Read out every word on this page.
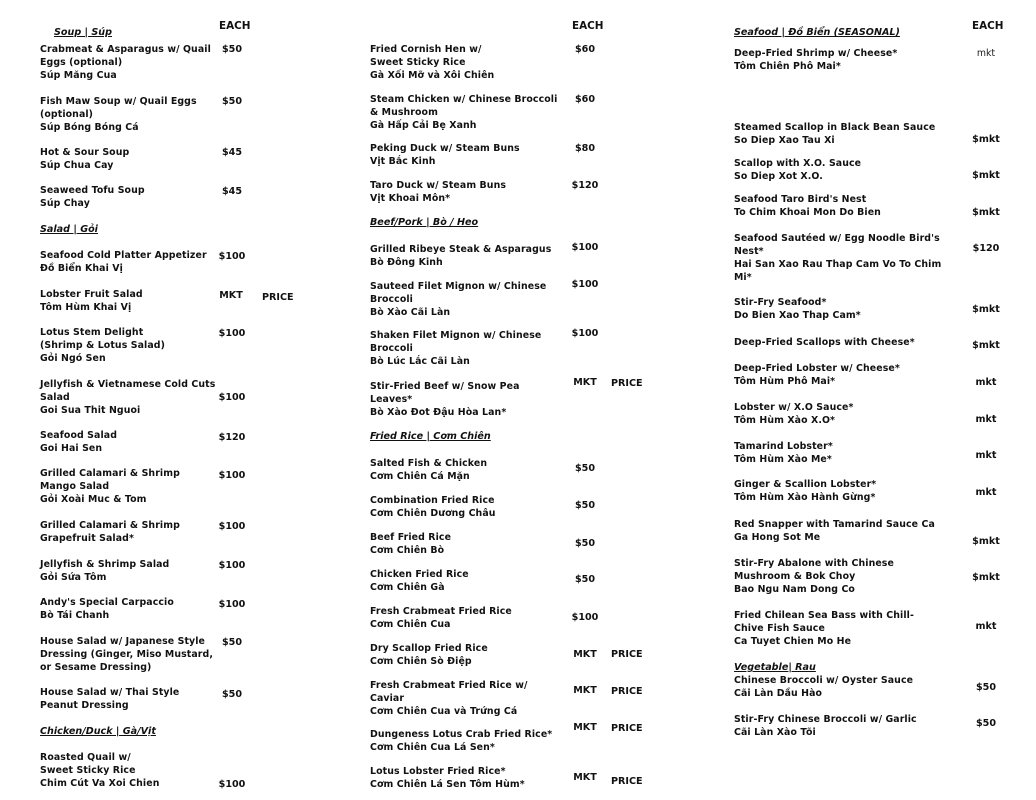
EACH	EACH	EACH
Soup | Súp
Crabmeat & Asparagus w/ Quail
Eggs (optional)
Súp Măng Cua
$50
Fish Maw Soup w/ Quail Eggs
(optional)
Súp Bóng Bóng Cá
$50
Hot & Sour Soup
Súp Chua Cay
$45
Seaweed Tofu Soup
Súp Chay
$45
Salad | Gỏi
Seafood Cold Platter Appetizer
Đồ Biển Khai Vị
$100
Lobster Fruit Salad
Tôm Hùm Khai Vị
MKT	PRICE
Lotus Stem Delight
(Shrimp & Lotus Salad)
Gỏi Ngó Sen
$100
Jellyfish & Vietnamese Cold Cuts
Salad
Goi Sua Thit Nguoi
$100
Seafood Salad
Goi Hai Sen
$120
Grilled Calamari & Shrimp
Mango Salad
Gỏi Xoài Muc & Tom
$100
Grilled Calamari & Shrimp
Grapefruit Salad*
$100
Jellyfish & Shrimp Salad
Gỏi Sứa Tôm
$100
Andy's Special Carpaccio
Bò Tái Chanh
$100
House Salad w/ Japanese Style
Dressing (Ginger, Miso Mustard,
or Sesame Dressing)
$50
House Salad w/ Thai Style
Peanut Dressing
$50
Chicken/Duck | Gà/Vịt
Roasted Quail w/
Sweet Sticky Rice
Chim Cút Va Xoi Chien	$100
Fried Cornish Hen w/
Sweet Sticky Rice
Gà Xối Mỡ và Xôi Chiên
$60
Steam Chicken w/ Chinese Broccoli
& Mushroom
Gà Hấp Cải Bẹ Xanh
$60
Peking Duck w/ Steam Buns
Vịt Bắc Kinh
$80
Taro Duck w/ Steam Buns
Vịt Khoai Môn*
$120
Beef/Pork | Bò / Heo
Grilled Ribeye Steak & Asparagus
Bò Đông Kinh
$100
Sauteed Filet Mignon w/ Chinese
Broccoli
Bò Xào Cãi Làn
$100
Shaken Filet Mignon w/ Chinese
Broccoli
Bò Lúc Lắc Cãi Làn
$100
Stir-Fried Beef w/ Snow Pea
Leaves*
Bò Xào Đot Đậu Hòa Lan*
MKT	PRICE
Fried Rice | Cơm Chiên
Salted Fish & Chicken
Cơm Chiên Cá Mặn
$50
Combination Fried Rice
Cơm Chiên Dương Châu
$50
Beef Fried Rice
Cơm Chiên Bò
$50
Chicken Fried Rice
Cơm Chiên Gà
$50
Fresh Crabmeat Fried Rice
Cơm Chiên Cua
$100
Dry Scallop Fried Rice
Cơm Chiên Sò Điệp
MKT	PRICE
Fresh Crabmeat Fried Rice w/
Caviar
Cơm Chiên Cua và Trứng Cá
MKT	PRICE
Dungeness Lotus Crab Fried Rice*
Cơm Chiên Cua Lá Sen*
MKT	PRICE
Lotus Lobster Fried Rice*
Cơm Chiên Lá Sen Tôm Hùm*
MKT	PRICE
Seafood | Đồ Biển (SEASONAL)
Deep-Fried Shrimp w/ Cheese*
Tôm Chiên Phô Mai*
mkt
Steamed Scallop in Black Bean Sauce
So Diep Xao Tau Xi	$mkt
Scallop with X.O. Sauce
So Diep Xot X.O.	$mkt
Seafood Taro Bird's Nest
To Chim Khoai Mon Do Bien	$mkt
Seafood Sautéed w/ Egg Noodle Bird's
Nest*
Hai San Xao Rau Thap Cam Vo To Chim
Mi*
$120
Stir-Fry Seafood*
Do Bien Xao Thap Cam*
$mkt
Deep-Fried Scallops with Cheese*	$mkt
Deep-Fried Lobster w/ Cheese*
Tôm Hùm Phô Mai*	mkt
Lobster w/ X.O Sauce*
Tôm Hùm Xào X.O*	mkt
Tamarind Lobster*
Tôm Hùm Xào Me*	mkt
Ginger & Scallion Lobster*
Tôm Hùm Xào Hành Gừng*	mkt
Red Snapper with Tamarind Sauce Ca
Ga Hong Sot Me	$mkt
Stir-Fry Abalone with Chinese
Mushroom & Bok Choy
Bao Ngu Nam Dong Co
$mkt
Fried Chilean Sea Bass with Chill-
Chive Fish Sauce
Ca Tuyet Chien Mo He
mkt
Vegetable| Rau
Chinese Broccoli w/ Oyster Sauce
Cãi Làn Dầu Hào
$50
Stir-Fry Chinese Broccoli w/ Garlic
Cãi Làn Xào Tõi
$50
